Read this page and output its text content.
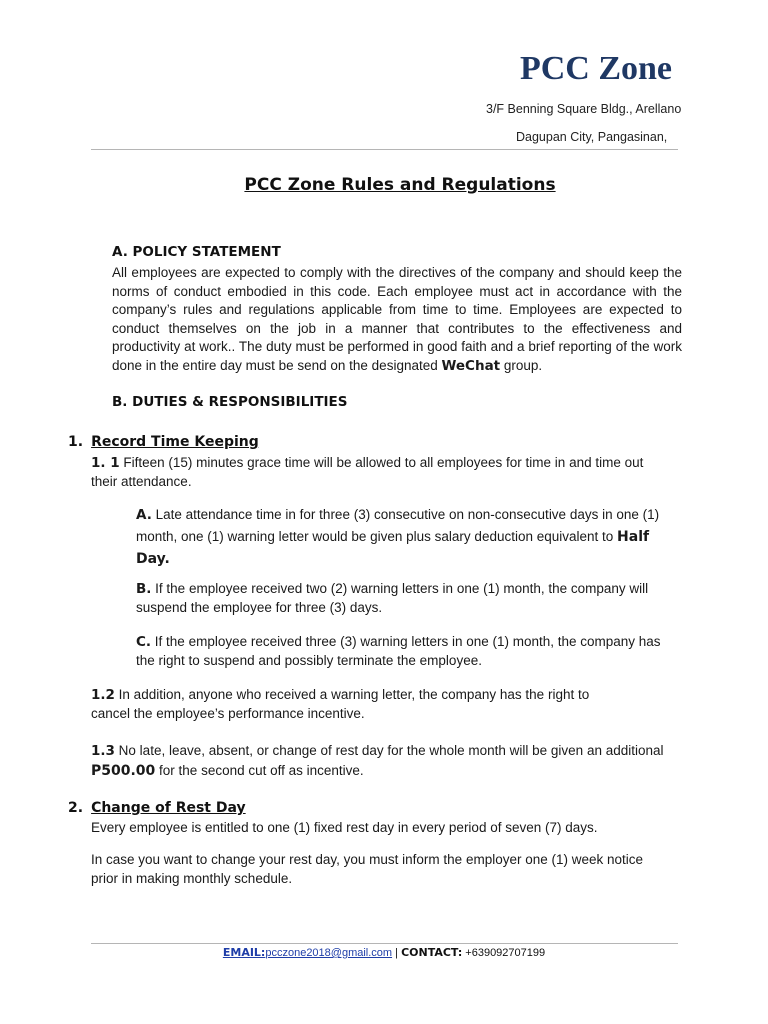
PCC Zone
3/F Benning Square Bldg., Arellano
Dagupan City, Pangasinan,
PCC Zone Rules and Regulations
A. POLICY STATEMENT
All employees are expected to comply with the directives of the company and should keep the norms of conduct embodied in this code. Each employee must act in accordance with the company’s rules and regulations applicable from time to time. Employees are expected to conduct themselves on the job in a manner that contributes to the effectiveness and productivity at work.. The duty must be performed in good faith and a brief reporting of the work done in the entire day must be send on the designated WeChat group.
B. DUTIES & RESPONSIBILITIES
1. Record Time Keeping
1. 1 Fifteen (15) minutes grace time will be allowed to all employees for time in and time out their attendance.
A. Late attendance time in for three (3) consecutive on non-consecutive days in one (1) month, one (1) warning letter would be given plus salary deduction equivalent to Half Day.
B. If the employee received two (2) warning letters in one (1) month, the company will suspend the employee for three (3) days.
C. If the employee received three (3) warning letters in one (1) month, the company has the right to suspend and possibly terminate the employee.
1.2 In addition, anyone who received a warning letter, the company has the right to cancel the employee’s performance incentive.
1.3 No late, leave, absent, or change of rest day for the whole month will be given an additional P500.00 for the second cut off as incentive.
2. Change of Rest Day
Every employee is entitled to one (1) fixed rest day in every period of seven (7) days.
In case you want to change your rest day, you must inform the employer one (1) week notice prior in making monthly schedule.
EMAIL:pcczone2018@gmail.com | CONTACT: +639092707199
